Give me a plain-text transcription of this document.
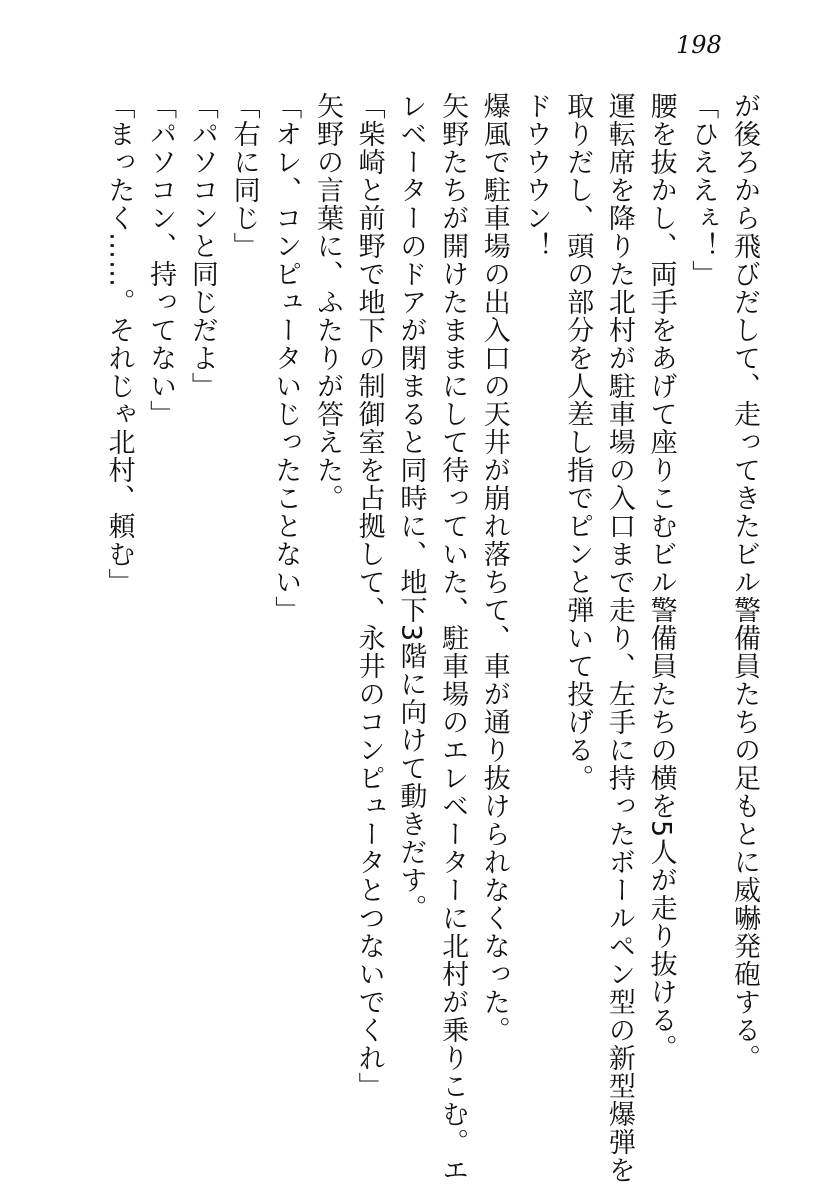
198
が後ろから飛びだして、走ってきたビル警備員たちの足もとに威嚇発砲する。
「ひええぇ！」
腰を抜かし、両手をあげて座りこむビル警備員たちの横を5人が走り抜ける。
運転席を降りた北村が駐車場の入口まで走り、左手に持ったボールペン型の新型爆弾を
取りだし、頭の部分を人差し指でピンと弾いて投げる。
ドウウウン！
爆風で駐車場の出入口の天井が崩れ落ちて、車が通り抜けられなくなった。
矢野たちが開けたままにして待っていた、駐車場のエレベーターに北村が乗りこむ。エ
レベーターのドアが閉まると同時に、地下3階に向けて動きだす。
「柴崎と前野で地下の制御室を占拠して、永井のコンピュータとつないでくれ」
矢野の言葉に、ふたりが答えた。
「オレ、コンピュータいじったことない」
「右に同じ」
「パソコンと同じだよ」
「パソコン、持ってない」
「まったく……。それじゃ北村、頼む」
